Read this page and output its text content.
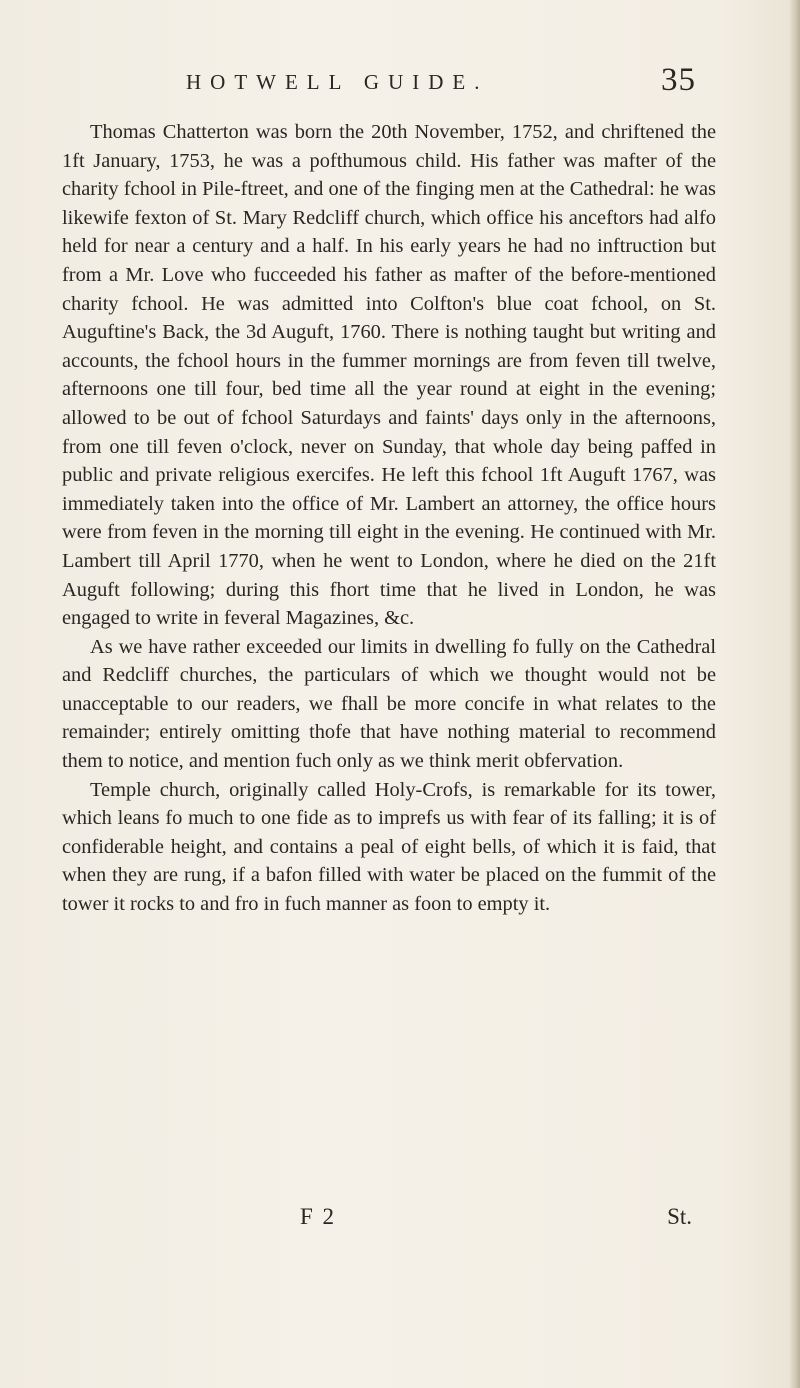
HOTWELL GUIDE.	35

Thomas Chatterton was born the 20th November, 1752, and chriftened the 1ft January, 1753, he was a pofthumous child. His father was mafter of the charity fchool in Pile-ftreet, and one of the finging men at the Cathedral: he was likewife fexton of St. Mary Redcliff church, which office his anceftors had alfo held for near a century and a half. In his early years he had no inftruction but from a Mr. Love who fucceeded his father as mafter of the before-mentioned charity fchool. He was admitted into Colfton's blue coat fchool, on St. Auguftine's Back, the 3d Auguft, 1760. There is nothing taught but writing and accounts, the fchool hours in the fummer mornings are from feven till twelve, afternoons one till four, bed time all the year round at eight in the evening; allowed to be out of fchool Saturdays and faints' days only in the afternoons, from one till feven o'clock, never on Sunday, that whole day being paffed in public and private religious exercifes. He left this fchool 1ft Auguft 1767, was immediately taken into the office of Mr. Lambert an attorney, the office hours were from feven in the morning till eight in the evening. He continued with Mr. Lambert till April 1770, when he went to London, where he died on the 21ft Auguft following; during this fhort time that he lived in London, he was engaged to write in feveral Magazines, &c.

As we have rather exceeded our limits in dwelling fo fully on the Cathedral and Redcliff churches, the particulars of which we thought would not be unacceptable to our readers, we fhall be more concife in what relates to the remainder; entirely omitting thofe that have nothing material to recommend them to notice, and mention fuch only as we think merit obfervation.

Temple church, originally called Holy-Crofs, is remarkable for its tower, which leans fo much to one fide as to imprefs us with fear of its falling; it is of confiderable height, and contains a peal of eight bells, of which it is faid, that when they are rung, if a bafon filled with water be placed on the fummit of the tower it rocks to and fro in fuch manner as foon to empty it.

F 2	St.
